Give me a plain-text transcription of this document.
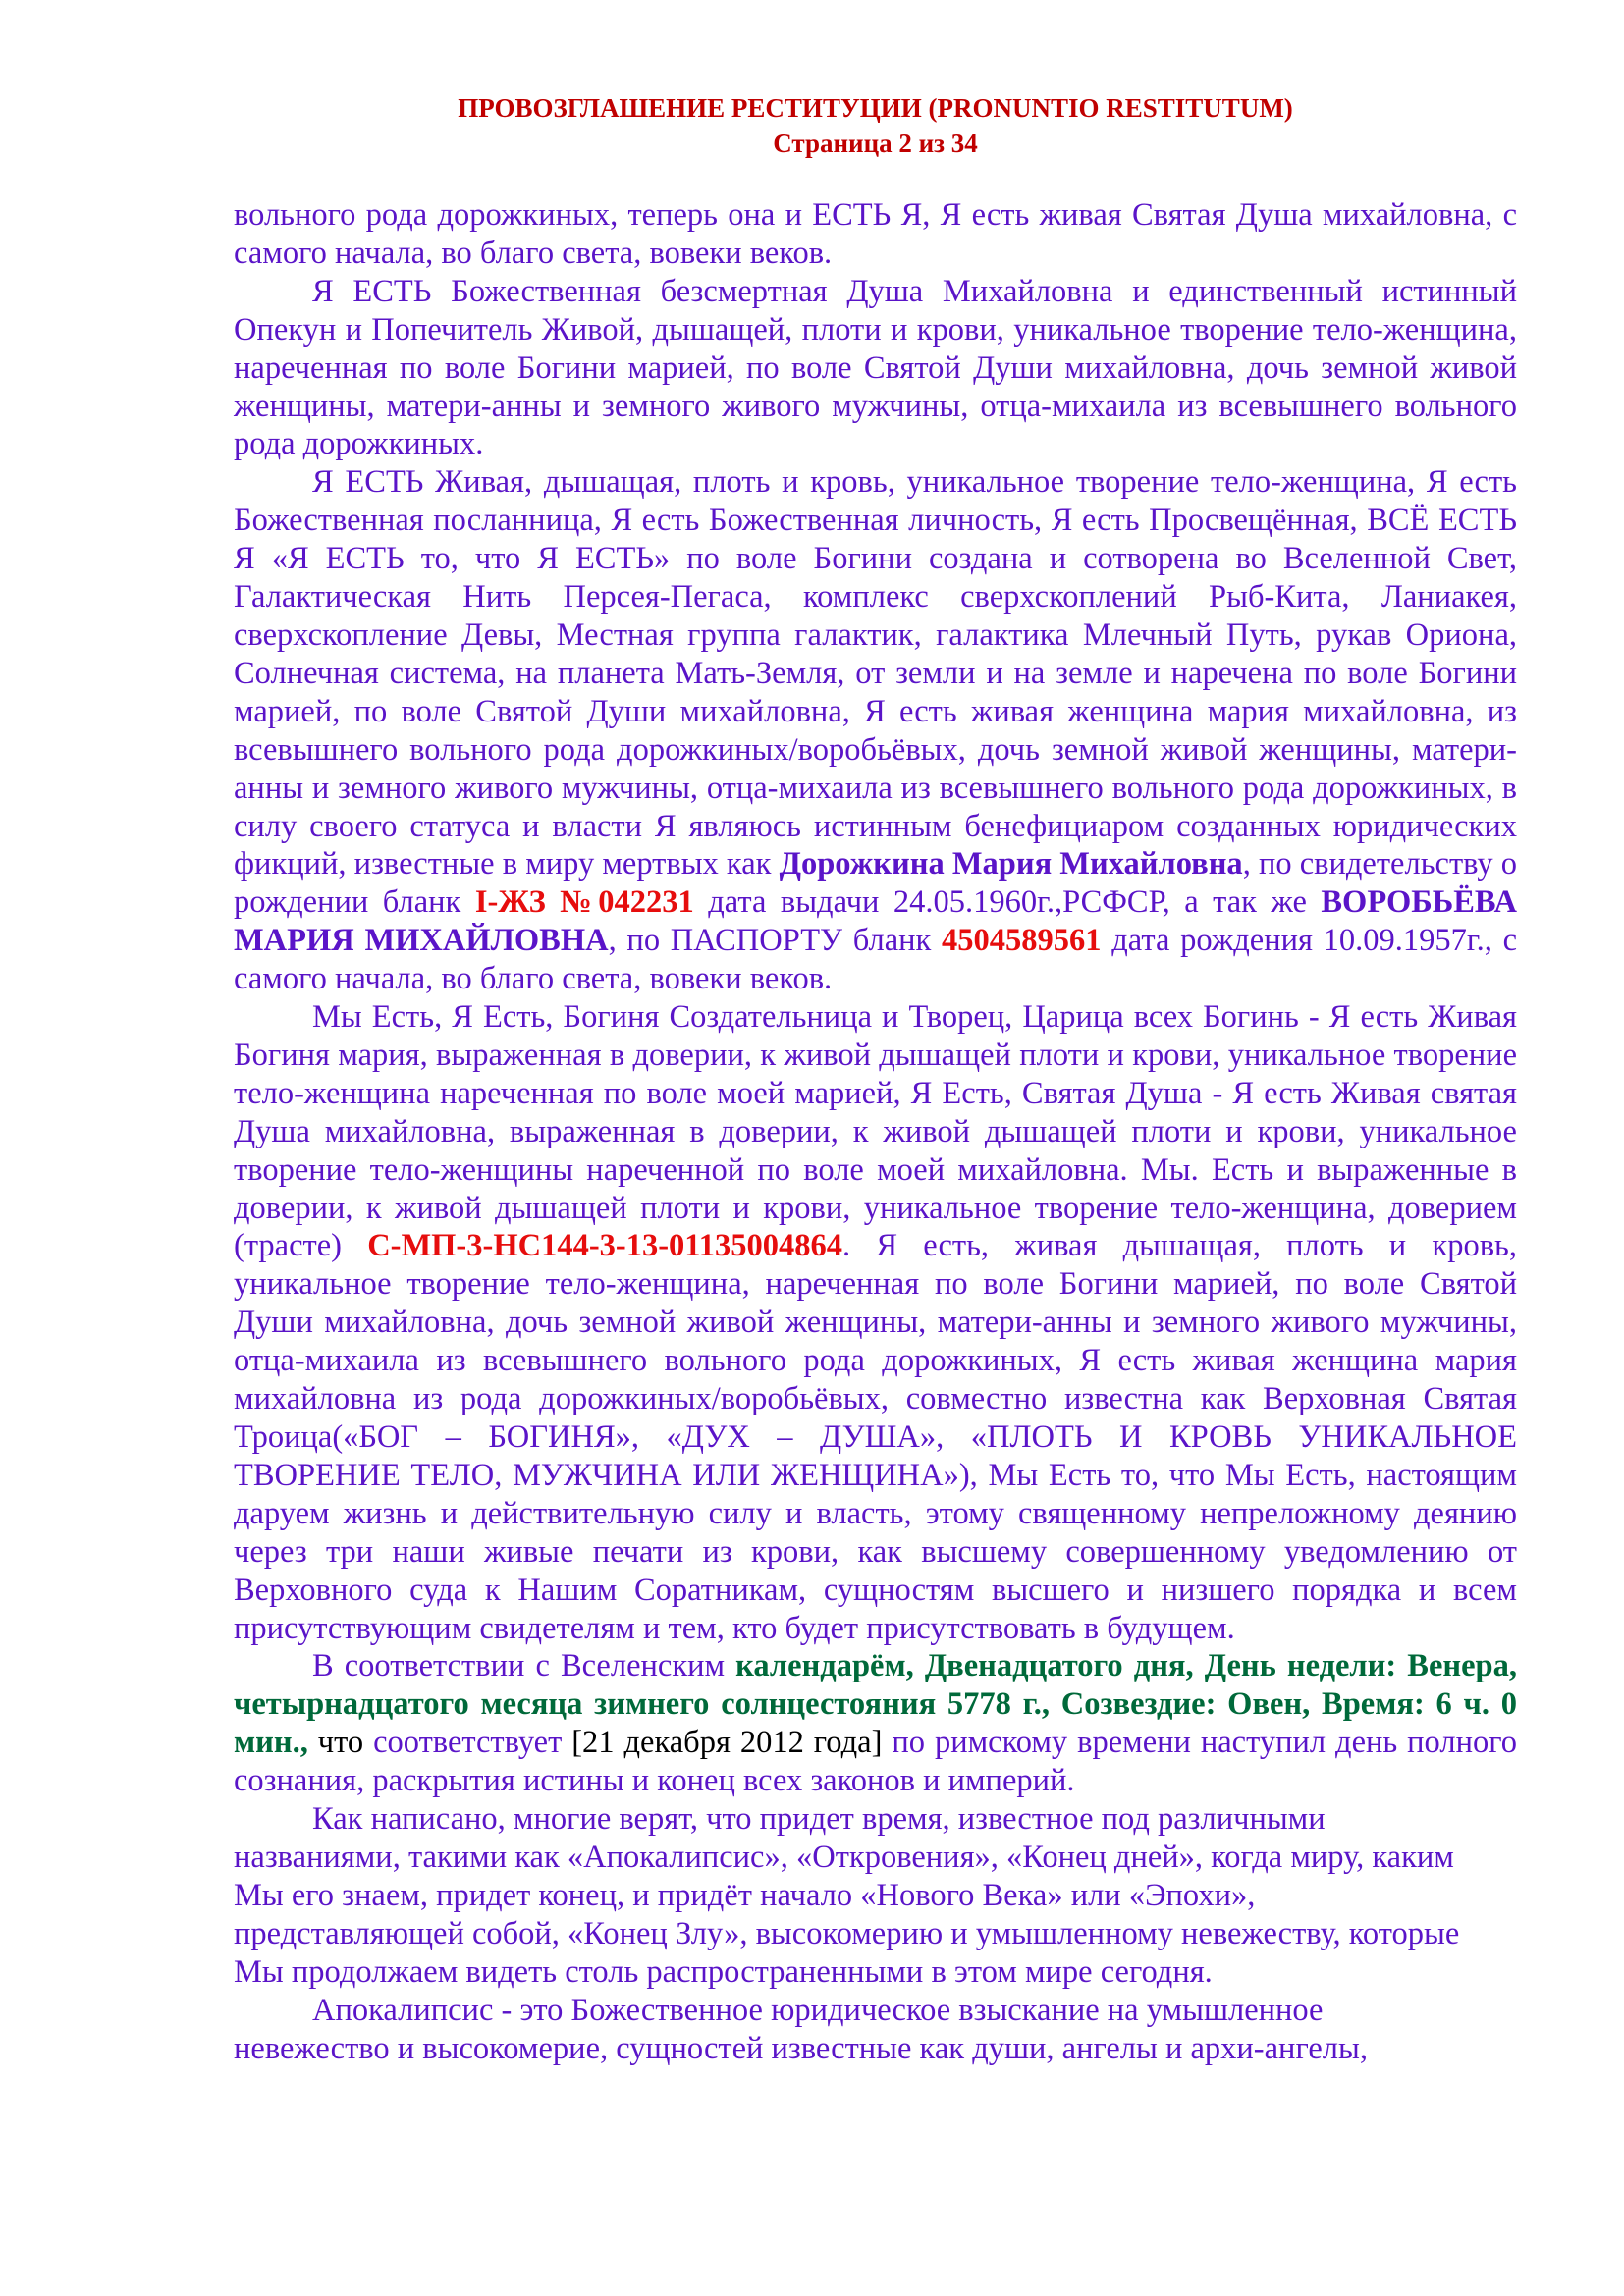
ПРОВОЗГЛАШЕНИЕ РЕСТИТУЦИИ (PRONUNTIO RESTITUTUM)
Страница 2 из 34

вольного рода дорожкиных, теперь она и ЕСТЬ Я, Я есть живая Святая Душа михайловна, с самого начала, во благо света, вовеки веков.

Я ЕСТЬ Божественная безсмертная Душа Михайловна и единственный истинный Опекун и Попечитель Живой, дышащей, плоти и крови, уникальное творение тело-женщина, нареченная по воле Богини марией, по воле Святой Души михайловна, дочь земной живой женщины, матери-анны и земного живого мужчины, отца-михаила из всевышнего вольного рода дорожкиных.

Я ЕСТЬ Живая, дышащая, плоть и кровь, уникальное творение тело-женщина, Я есть Божественная посланница, Я есть Божественная личность, Я есть Просвещённая, ВСЁ ЕСТЬ Я «Я ЕСТЬ то, что Я ЕСТЬ» по воле Богини создана и сотворена во Вселенной Свет, Галактическая Нить Персея-Пегаса, комплекс сверхскоплений Рыб-Кита, Ланиакея, сверхскопление Девы, Местная группа галактик, галактика Млечный Путь, рукав Ориона, Солнечная система, на планета Мать-Земля, от земли и на земле и наречена по воле Богини марией, по воле Святой Души михайловна, Я есть живая женщина мария михайловна, из всевышнего вольного рода дорожкиных/воробьёвых, дочь земной живой женщины, матери-анны и земного живого мужчины, отца-михаила из всевышнего вольного рода дорожкиных, в силу своего статуса и власти Я являюсь истинным бенефициаром созданных юридических фикций, известные в миру мертвых как Дорожкина Мария Михайловна, по свидетельству о рождении бланк I-ЖЗ №042231 дата выдачи 24.05.1960г.,РСФСР, а так же ВОРОБЬЁВА МАРИЯ МИХАЙЛОВНА, по ПАСПОРТУ бланк 4504589561 дата рождения 10.09.1957г., с самого начала, во благо света, вовеки веков.

Мы Есть, Я Есть, Богиня Создательница и Творец, Царица всех Богинь - Я есть Живая Богиня мария, выраженная в доверии, к живой дышащей плоти и крови, уникальное творение тело-женщина нареченная по воле моей марией, Я Есть, Святая Душа - Я есть Живая святая Душа михайловна, выраженная в доверии, к живой дышащей плоти и крови, уникальное творение тело-женщины нареченной по воле моей михайловна. Мы. Есть и выраженные в доверии, к живой дышащей плоти и крови, уникальное творение тело-женщина, доверием (трасте) С-МП-3-НС144-3-13-01135004864. Я есть, живая дышащая, плоть и кровь, уникальное творение тело-женщина, нареченная по воле Богини марией, по воле Святой Души михайловна, дочь земной живой женщины, матери-анны и земного живого мужчины, отца-михаила из всевышнего вольного рода дорожкиных, Я есть живая женщина мария михайловна из рода дорожкиных/воробьёвых, совместно известна как Верховная Святая Троица(«БОГ – БОГИНЯ», «ДУХ – ДУША», «ПЛОТЬ И КРОВЬ УНИКАЛЬНОЕ ТВОРЕНИЕ ТЕЛО, МУЖЧИНА ИЛИ ЖЕНЩИНА»), Мы Есть то, что Мы Есть, настоящим даруем жизнь и действительную силу и власть, этому священному непреложному деянию через три наши живые печати из крови, как высшему совершенному уведомлению от Верховного суда к Нашим Соратникам, сущностям высшего и низшего порядка и всем присутствующим свидетелям и тем, кто будет присутствовать в будущем.

В соответствии с Вселенским календарём, Двенадцатого дня, День недели: Венера, четырнадцатого месяца зимнего солнцестояния 5778 г., Созвездие: Овен, Время: 6 ч. 0 мин., что соответствует [21 декабря 2012 года] по римскому времени наступил день полного сознания, раскрытия истины и конец всех законов и империй.

Как написано, многие верят, что придет время, известное под различными
названиями, такими как «Апокалипсис», «Откровения», «Конец дней», когда миру, каким
Мы его знаем, придет конец, и придёт начало «Нового Века» или «Эпохи»,
представляющей собой, «Конец Злу», высокомерию и умышленному невежеству, которые
Мы продолжаем видеть столь распространенными в этом мире сегодня.

Апокалипсис - это Божественное юридическое взыскание на умышленное
невежество и высокомерие, сущностей известные как души, ангелы и архи-ангелы,
